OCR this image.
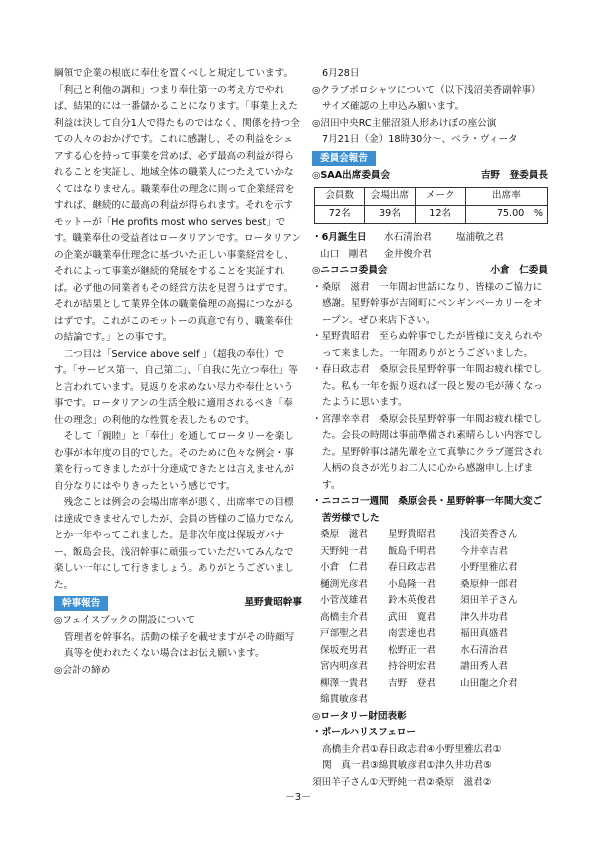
綱領で企業の根底に奉仕を置くべしと規定しています。「利己と利他の調和」つまり奉仕第一の考え方でやれば、結果的には一番儲かることになります。「事業上えた利益は決して自分1人で得たものではなく、関係を持つ全ての人々のおかげです。これに感謝し、その利益をシェアする心を持って事業を営めば、必ず最高の利益が得られることを実証し、地域全体の職業人につたえていかなくてはなりません。職業奉仕の理念に則って企業経営をすれば、継続的に最高の利益が得られます。それを示すモットーが「He profits most who serves best」です。職業奉仕の受益者はロータリアンです。ロータリアンの企業が職業奉仕理念に基づいた正しい事業経営をし、それによって事業が継続的発展をすることを実証すれば。必ず他の同業者もその経営方法を見習うはずです。それが結果として業界全体の職業倫理の高揚につながるはずです。これがこのモットーの真意で有り、職業奉仕の結論です。」との事です。

二つ目は「Service above self 」（超我の奉仕）です。「サービス第一、自己第二」、「自我に先立つ奉仕」等と言われています。見返りを求めない尽力や奉仕という事です。ロータリアンの生活全般に適用されるべき「奉仕の理念」の利他的な性質を表したものです。

そして「親睦」と「奉仕」を通してロータリーを楽しむ事が本年度の目的でした。そのために色々な例会・事業を行ってきましたが十分達成できたとは言えませんが自分なりにはやりきったという感じです。

残念ことは例会の会場出席率が悪く、出席率での目標は達成できませんでしたが、会員の皆様のご協力でなんとか一年やってこれました。是非次年度は保坂ガバナー、飯島会長、浅沼幹事に頑張っていただいてみんなで楽しい一年にして行きましょう。ありがとうございました。

幹事報告	星野貴昭幹事

◎フェイスブックの開設について

管理者を幹事名。活動の様子を載せますがその時顔写真等を使われたくない場合はお伝え願います。

◎会計の締め

6月28日

◎クラブポロシャツについて（以下浅沼美香副幹事）

サイズ確認の上申込み願います。

◎沼田中央RC主催沼須人形あけぼの座公演

7月21日（金）18時30分～、ベラ・ヴィータ

委員会報告
◎SAA出席委員会	吉野　登委員長
会員数	会場出席	メーク	出席率
72名	39名	12名	75.00　%
・6月誕生日	水石清治君	塩浦敬之君
山口　剛君	金井俊介君
◎ニコニコ委員会	小倉　仁委員

・桑原　滋君　一年間お世話になり、皆様のご協力に感謝。星野幹事が吉岡町にベンギンベーカリーをオープン。ぜひ来店下さい。

・星野貴昭君　至らぬ幹事でしたが皆様に支えられやって来ました。一年間ありがとうございました。

・春日政志君　桑原会長星野幹事一年間お疲れ様でした。私も一年を振り返れば一段と髪の毛が薄くなったように思います。

・宮澤幸幸君　桑原会長星野幹事一年間お疲れ様でした。会長の時間は事前準備され素晴らしい内容でした。星野幹事は諸先輩を立て真摯にクラブ運営され人柄の良さが光りお二人に心から感謝申し上げます。

・ニコニコ一週間　桑原会長・星野幹事一年間大変ご苦労様でした

桑原　滋君	星野貴昭君	浅沼美香さん
天野純一君	飯島千明君	今井幸吉君
小倉　仁君	春日政志君	小野里雅広君
樋渕光彦君	小島隆一君	桑原伸一郎君
小菅茂雄君	鈴木英俊君	須田羊子さん
高橋圭介君	武田　寛君	津久井功君
戸部聖之君	南雲達也君	福田真盛君
保坂充男君	松野正一君	水石清治君
宮内明彦君	持谷明宏君	譜田秀人君
柳澤一貴君	吉野　登君	山田龍之介君
綿貫敏彦君

◎ロータリー財団表彰

・ポールハリスフェロー

高橋圭介君①春日政志君④小野里雅広君①

関　真一君③綿貫敏彦君①津久井功君⑤

須田羊子さん①天野純一君②桑原　滋君②

－3－
